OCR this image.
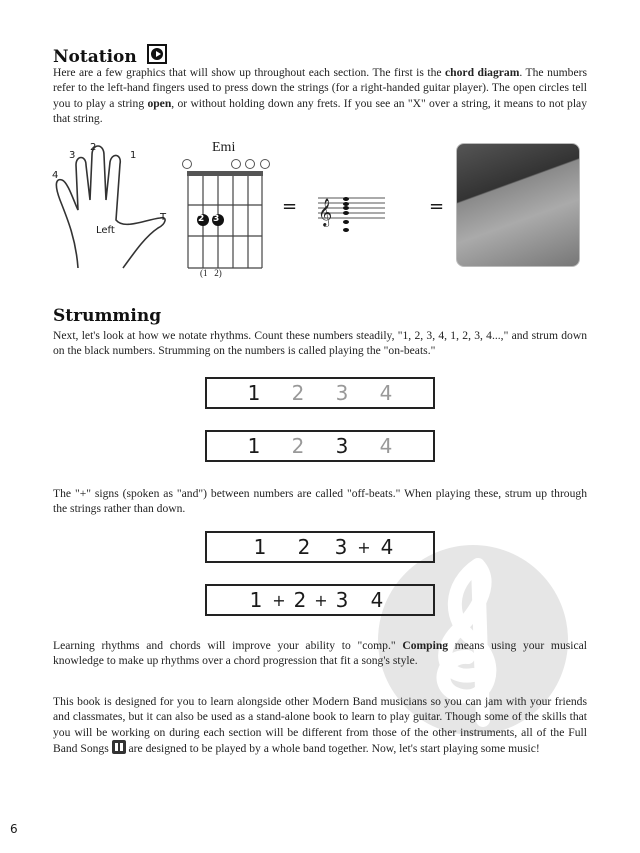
Notation

Here are a few graphics that will show up throughout each section. The first is the chord diagram. The numbers refer to the left-hand fingers used to press down the strings (for a right-handed guitar player). The open circles tell you to play a string open, or without holding down any frets. If you see an "X" over a string, it means to not play that string.

4
3
2
1
T
Left
Emi
2 3
(1   2)
= 𝄞	=
Strumming

Next, let's look at how we notate rhythms. Count these numbers steadily, "1, 2, 3, 4, 1, 2, 3, 4...," and strum down on the black numbers. Strumming on the numbers is called playing the "on-beats."

1	2	3	4
1	2	3	4

The "+" signs (spoken as "and") between numbers are called "off-beats." When playing these, strum up through the strings rather than down.

1	2	3 + 4
1 + 2 + 3	4

Learning rhythms and chords will improve your ability to "comp." Comping means using your musical knowledge to make up rhythms over a chord progression that fit a song's style.

This book is designed for you to learn alongside other Modern Band musicians so you can jam with your friends and classmates, but it can also be used as a stand-alone book to learn to play guitar. Though some of the skills that you will be working on during each section will be different from those of the other instruments, all of the Full Band Songs
are designed to be played by a whole band together. Now, let's start playing some music!

6
